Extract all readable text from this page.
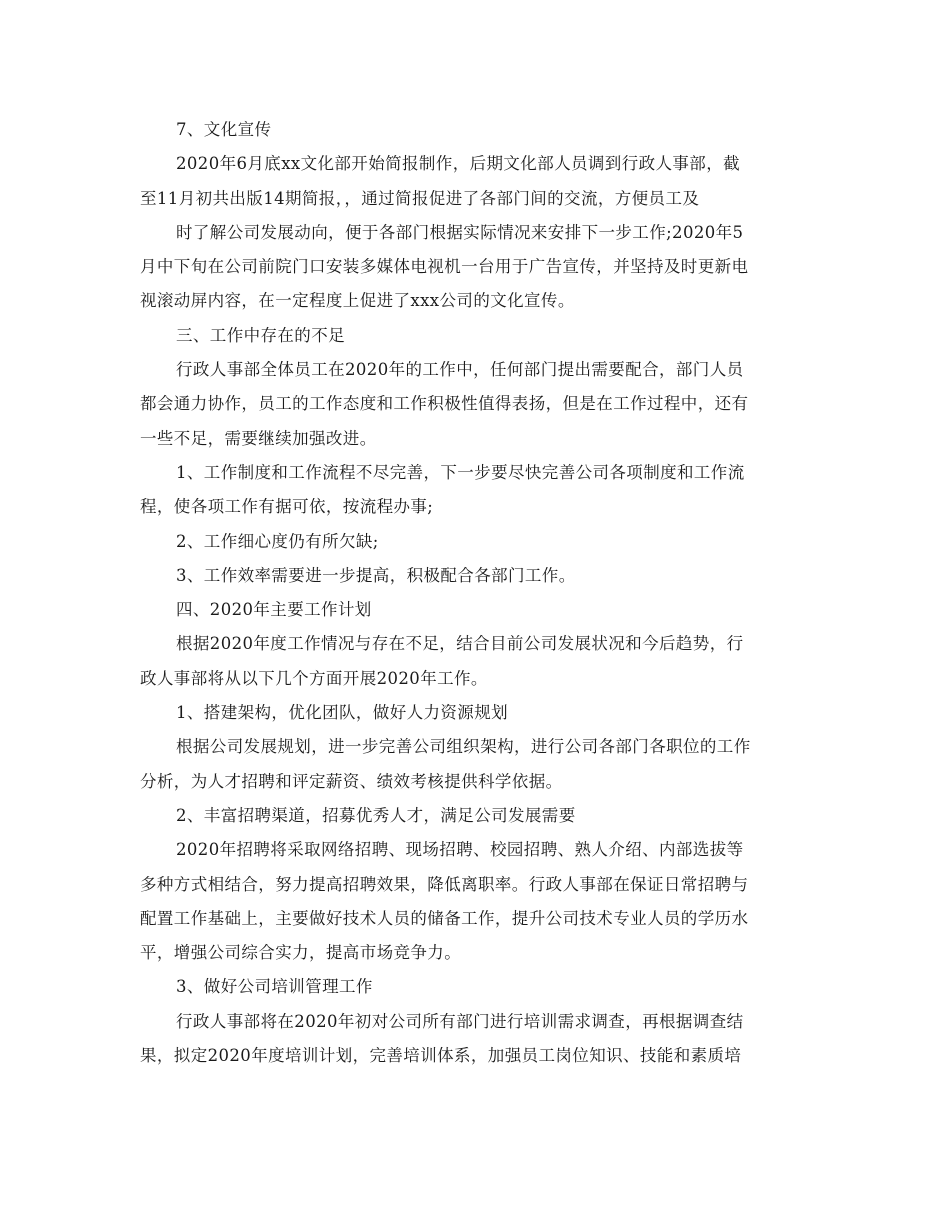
7、文化宣传
2020年6月底xx文化部开始简报制作，后期文化部人员调到行政人事部，截
至11月初共出版14期简报，，通过简报促进了各部门间的交流，方便员工及
时了解公司发展动向，便于各部门根据实际情况来安排下一步工作;2020年5
月中下旬在公司前院门口安装多媒体电视机一台用于广告宣传，并坚持及时更新电
视滚动屏内容，在一定程度上促进了xxx公司的文化宣传。
三、工作中存在的不足
行政人事部全体员工在2020年的工作中，任何部门提出需要配合，部门人员
都会通力协作，员工的工作态度和工作积极性值得表扬，但是在工作过程中，还有
一些不足，需要继续加强改进。
1、工作制度和工作流程不尽完善，下一步要尽快完善公司各项制度和工作流
程，使各项工作有据可依，按流程办事;
2、工作细心度仍有所欠缺;
3、工作效率需要进一步提高，积极配合各部门工作。
四、2020年主要工作计划
根据2020年度工作情况与存在不足，结合目前公司发展状况和今后趋势，行
政人事部将从以下几个方面开展2020年工作。
1、搭建架构，优化团队，做好人力资源规划
根据公司发展规划，进一步完善公司组织架构，进行公司各部门各职位的工作
分析，为人才招聘和评定薪资、绩效考核提供科学依据。
2、丰富招聘渠道，招募优秀人才，满足公司发展需要
2020年招聘将采取网络招聘、现场招聘、校园招聘、熟人介绍、内部选拔等
多种方式相结合，努力提高招聘效果，降低离职率。行政人事部在保证日常招聘与
配置工作基础上，主要做好技术人员的储备工作，提升公司技术专业人员的学历水
平，增强公司综合实力，提高市场竞争力。
3、做好公司培训管理工作
行政人事部将在2020年初对公司所有部门进行培训需求调查，再根据调查结
果，拟定2020年度培训计划，完善培训体系，加强员工岗位知识、技能和素质培
